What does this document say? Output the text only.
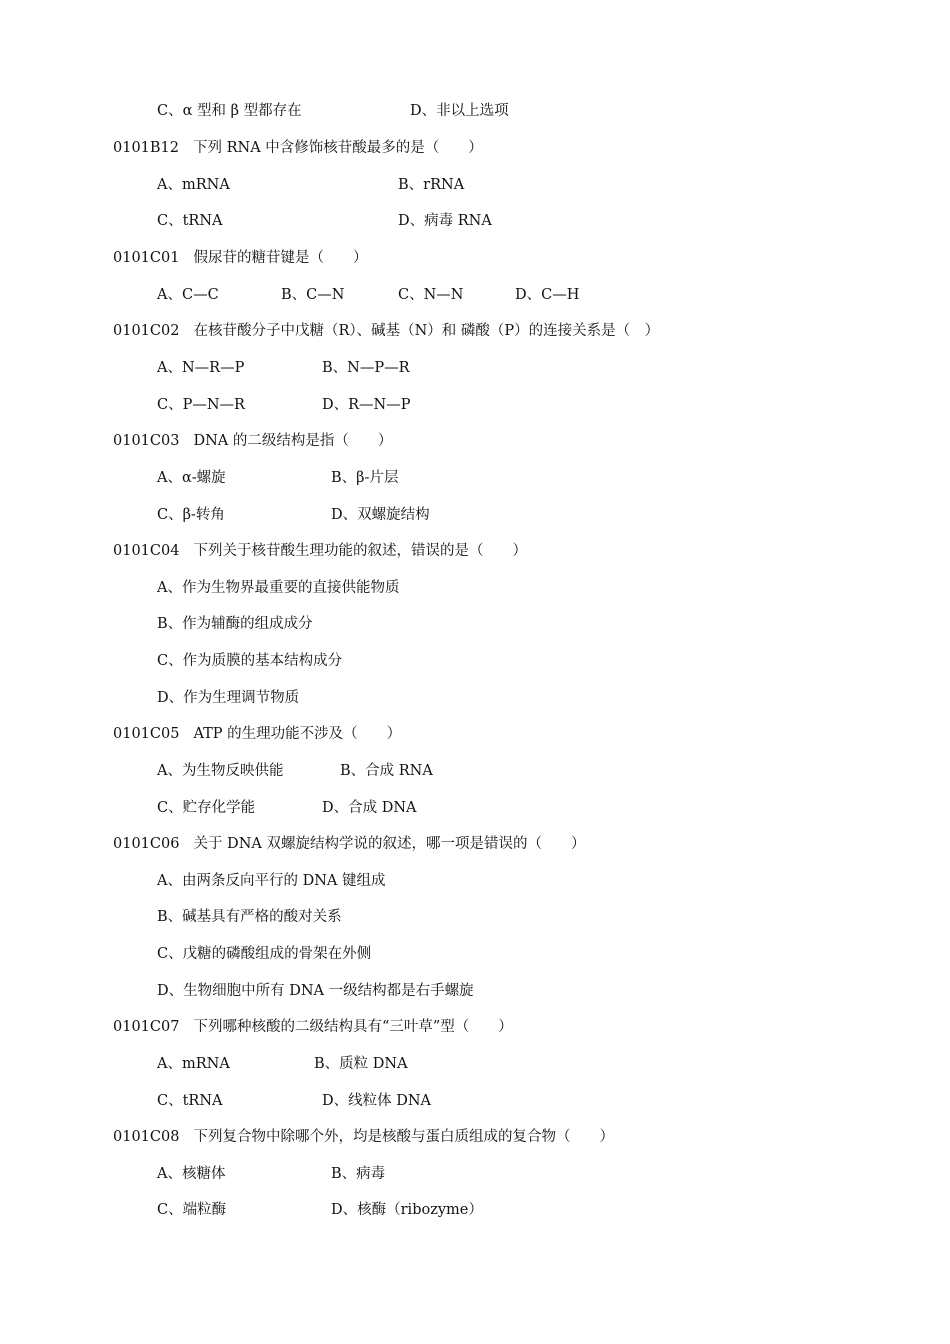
0101B12 下列 RNA 中含修饰核苷酸最多的是（　　）
0101C01 假尿苷的糖苷键是（　　）
0101C02 在核苷酸分子中戊糖（R）、碱基（N）和 磷酸（P）的连接关系是（　）
0101C03 DNA 的二级结构是指（　　）
0101C04 下列关于核苷酸生理功能的叙述，错误的是（　　）
0101C05 ATP 的生理功能不涉及（　　）
0101C06 关于 DNA 双螺旋结构学说的叙述，哪一项是错误的（　　）
0101C07 下列哪种核酸的二级结构具有“三叶草”型（　　）
0101C08 下列复合物中除哪个外，均是核酸与蛋白质组成的复合物（　　）
C、α 型和 β 型都存在	D、非以上选项
A、mRNA	B、rRNA
C、tRNA	D、病毒 RNA
A、C—C	B、C—N	C、N—N	D、C—H
A、N—R—P	B、N—P—R
C、P—N—R	D、R—N—P
A、α-螺旋	B、β-片层
C、β-转角	D、双螺旋结构
A、作为生物界最重要的直接供能物质
B、作为辅酶的组成成分
C、作为质膜的基本结构成分
D、作为生理调节物质
A、为生物反映供能	B、合成 RNA
C、贮存化学能	D、合成 DNA
A、由两条反向平行的 DNA 键组成
B、碱基具有严格的酸对关系
C、戊糖的磷酸组成的骨架在外侧
D、生物细胞中所有 DNA 一级结构都是右手螺旋
A、mRNA	B、质粒 DNA
C、tRNA	D、线粒体 DNA
A、核糖体	B、病毒
C、端粒酶	D、核酶（ribozyme）
